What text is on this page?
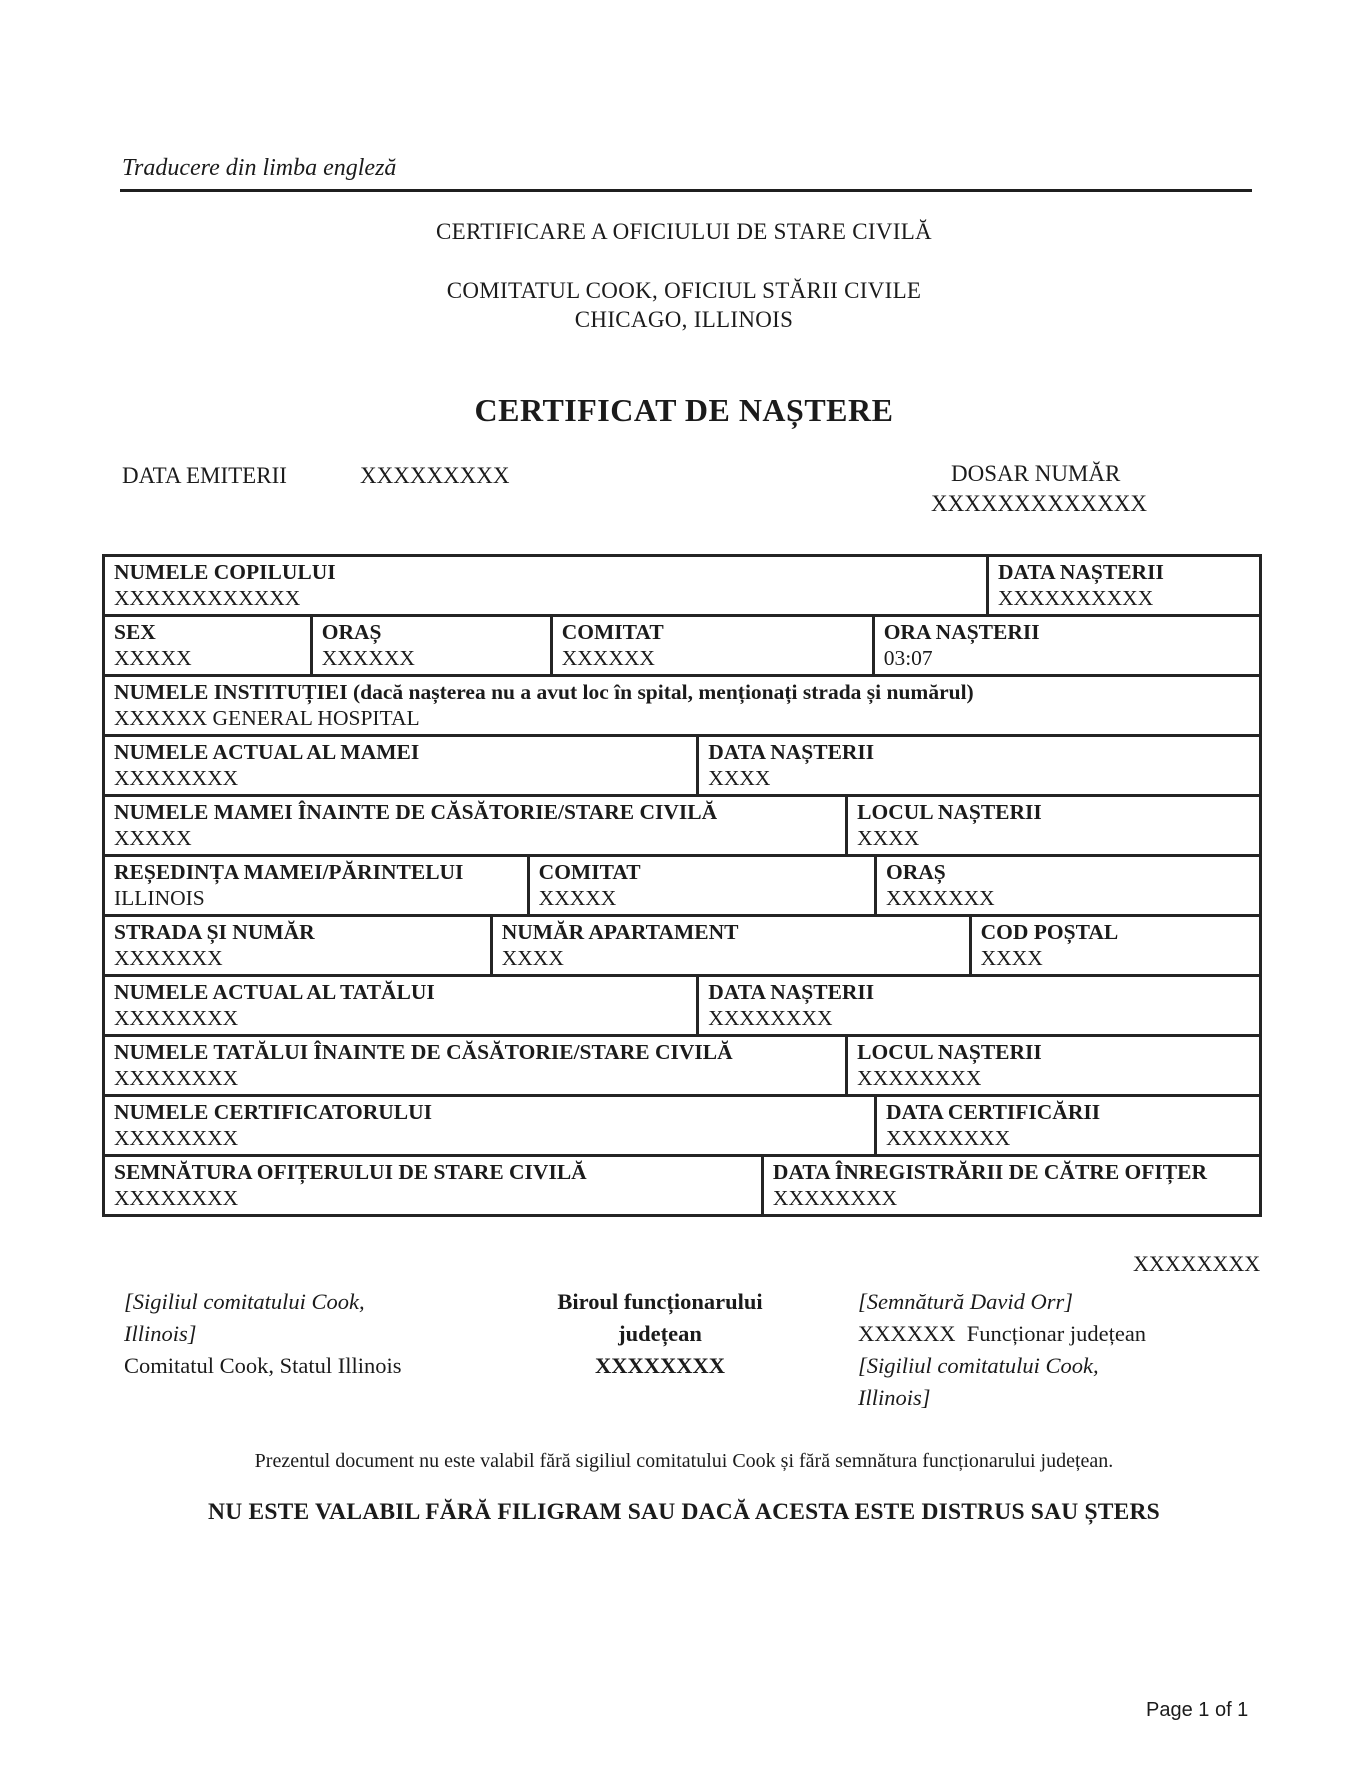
Traducere din limba engleză
CERTIFICARE A OFICIULUI DE STARE CIVILĂ
COMITATUL COOK, OFICIUL STĂRII CIVILE
CHICAGO, ILLINOIS
CERTIFICAT DE NAȘTERE
DATA EMITERII	XXXXXXXXX	DOSAR NUMĂR
XXXXXXXXXXXXX
NUMELE COPILULUI
XXXXXXXXXXXX
DATA NAȘTERII
XXXXXXXXXX
SEX
XXXXX
ORAȘ
XXXXXX
COMITAT
XXXXXX
ORA NAȘTERII
03:07
NUMELE INSTITUȚIEI (dacă nașterea nu a avut loc în spital, menționați strada și numărul)
XXXXXX GENERAL HOSPITAL
NUMELE ACTUAL AL MAMEI
XXXXXXXX
DATA NAȘTERII
XXXX
NUMELE MAMEI ÎNAINTE DE CĂSĂTORIE/STARE CIVILĂ
XXXXX
LOCUL NAȘTERII
XXXX
REȘEDINȚA MAMEI/PĂRINTELUI
ILLINOIS
COMITAT
XXXXX
ORAȘ
XXXXXXX
STRADA ȘI NUMĂR
XXXXXXX
NUMĂR APARTAMENT
XXXX
COD POȘTAL
XXXX
NUMELE ACTUAL AL TATĂLUI
XXXXXXXX
DATA NAȘTERII
XXXXXXXX
NUMELE TATĂLUI ÎNAINTE DE CĂSĂTORIE/STARE CIVILĂ
XXXXXXXX
LOCUL NAȘTERII
XXXXXXXX
NUMELE CERTIFICATORULUI
XXXXXXXX
DATA CERTIFICĂRII
XXXXXXXX
SEMNĂTURA OFIȚERULUI DE STARE CIVILĂ
XXXXXXXX
DATA ÎNREGISTRĂRII DE CĂTRE OFIȚER
XXXXXXXX
XXXXXXXX
[Sigiliul comitatului Cook,
Illinois]
Comitatul Cook, Statul Illinois
Biroul funcționarului
județean
XXXXXXXX
[Semnătură David Orr]
XXXXXX  Funcționar județean
[Sigiliul comitatului Cook,
Illinois]
Prezentul document nu este valabil fără sigiliul comitatului Cook și fără semnătura funcționarului județean.
NU ESTE VALABIL FĂRĂ FILIGRAM SAU DACĂ ACESTA ESTE DISTRUS SAU ȘTERS
Page 1 of 1
